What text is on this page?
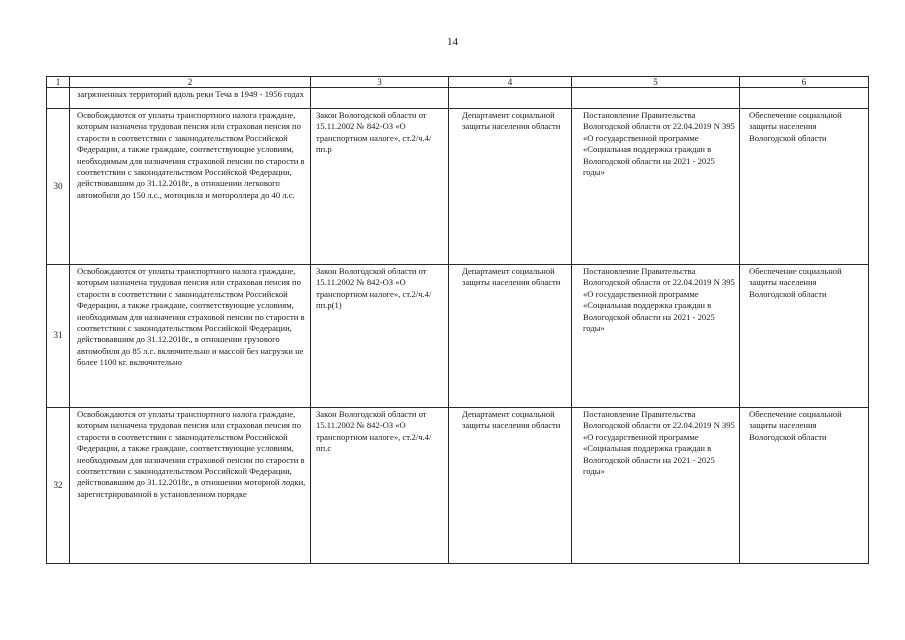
14
1	2	3	4	5	6

	загрязненных территорий вдоль реки Теча в 1949 - 1956 годах				

30	Освобождаются от уплаты транспортного налога граждане, которым назначена трудовая пенсия или страховая пенсия по старости в соответствии с законодательством Российской Федерации, а также граждане, соответствующие условиям, необходимым для назначения страховой пенсии по старости в соответствии с законодательством Российской Федерации, действовавшим до 31.12.2018г., в отношении легкового автомобиля до 150 л.с., мотоцикла и мотороллера до 40 л.с.	Закон Вологодской области от 15.11.2002 № 842-ОЗ «О транспортном налоге», ст.2/ч.4/пп.р	Департамент социальной защиты населения области	Постановление Правительства Вологодской области от 22.04.2019 N 395 «О государственной программе «Социальная поддержка граждан в Вологодской области на 2021 - 2025 годы»	Обеспечение социальной защиты населения Вологодской области

31	Освобождаются от уплаты транспортного налога граждане, которым назначена трудовая пенсия или страховая пенсия по старости в соответствии с законодательством Российской Федерации, а также граждане, соответствующие условиям, необходимым для назначения страховой пенсии по старости в соответствии с законодательством Российской Федерации, действовавшим до 31.12.2018г., в отношении грузового автомобиля до 85 л.с. включительно и массой без нагрузки не более 1100 кг. включительно	Закон Вологодской области от 15.11.2002 № 842-ОЗ «О транспортном налоге», ст.2/ч.4/пп.р(1)	Департамент социальной защиты населения области	Постановление Правительства Вологодской области от 22.04.2019 N 395 «О государственной программе «Социальная поддержка граждан в Вологодской области на 2021 - 2025 годы»	Обеспечение социальной защиты населения Вологодской области

32	Освобождаются от уплаты транспортного налога граждане, которым назначена трудовая пенсия или страховая пенсия по старости в соответствии с законодательством Российской Федерации, а также граждане, соответствующие условиям, необходимым для назначения страховой пенсии по старости в соответствии с законодательством Российской Федерации, действовавшим до 31.12.2018г., в отношении моторной лодки, зарегистрированной в установленном порядке	Закон Вологодской области от 15.11.2002 № 842-ОЗ «О транспортном налоге», ст.2/ч.4/пп.с	Департамент социальной защиты населения области	Постановление Правительства Вологодской области от 22.04.2019 N 395 «О государственной программе «Социальная поддержка граждан в Вологодской области на 2021 - 2025 годы»	Обеспечение социальной защиты населения Вологодской области
